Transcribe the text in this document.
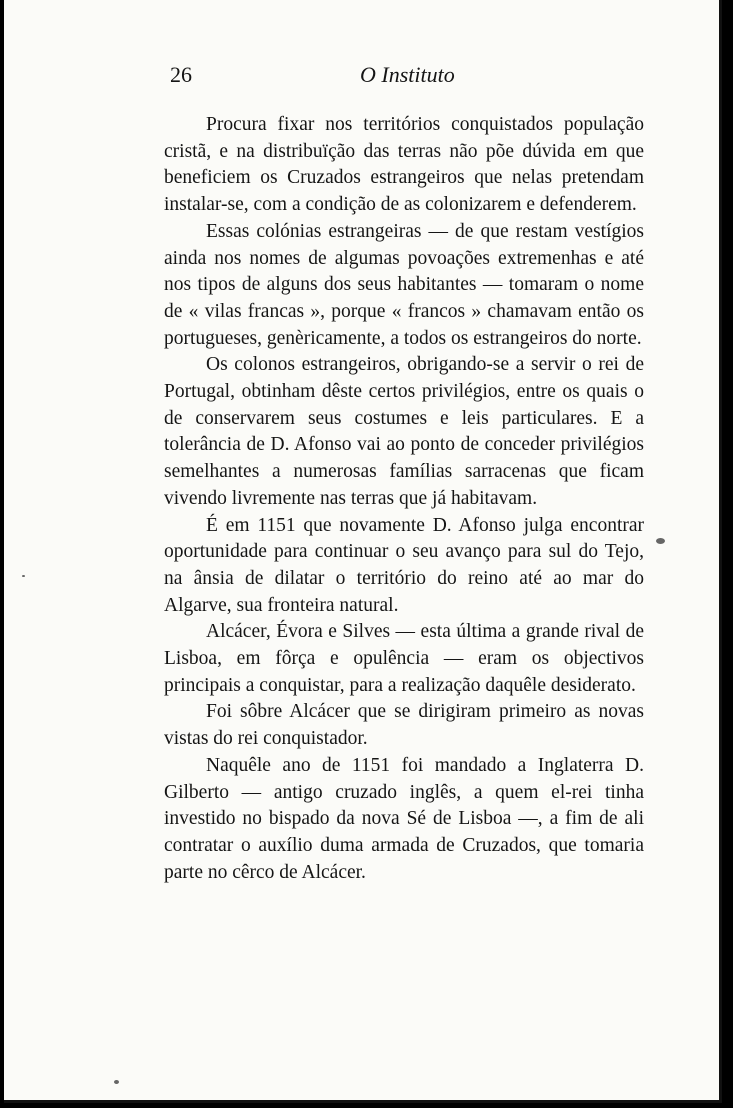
26	O Instituto

Procura fixar nos territórios conquistados população cristã, e na distribuïção das terras não põe dúvida em que beneficiem os Cruzados estrangeiros que nelas pretendam instalar-se, com a condição de as colonizarem e defenderem.

Essas colónias estrangeiras — de que restam vestígios ainda nos nomes de algumas povoações extremenhas e até nos tipos de alguns dos seus habitantes — tomaram o nome de « vilas francas », porque « francos » chamavam então os portugueses, genèricamente, a todos os estrangeiros do norte.

Os colonos estrangeiros, obrigando-se a servir o rei de Portugal, obtinham dêste certos privilégios, entre os quais o de conservarem seus costumes e leis particulares. E a tolerância de D. Afonso vai ao ponto de conceder privilégios semelhantes a numerosas famílias sarracenas que ficam vivendo livremente nas terras que já habitavam.

É em 1151 que novamente D. Afonso julga encontrar oportunidade para continuar o seu avanço para sul do Tejo, na ânsia de dilatar o território do reino até ao mar do Algarve, sua fronteira natural.

Alcácer, Évora e Silves — esta última a grande rival de Lisboa, em fôrça e opulência — eram os objectivos principais a conquistar, para a realização daquêle desiderato.

Foi sôbre Alcácer que se dirigiram primeiro as novas vistas do rei conquistador.

Naquêle ano de 1151 foi mandado a Inglaterra D. Gilberto — antigo cruzado inglês, a quem el-rei tinha investido no bispado da nova Sé de Lisboa —, a fim de ali contratar o auxílio duma armada de Cruzados, que tomaria parte no cêrco de Alcácer.
